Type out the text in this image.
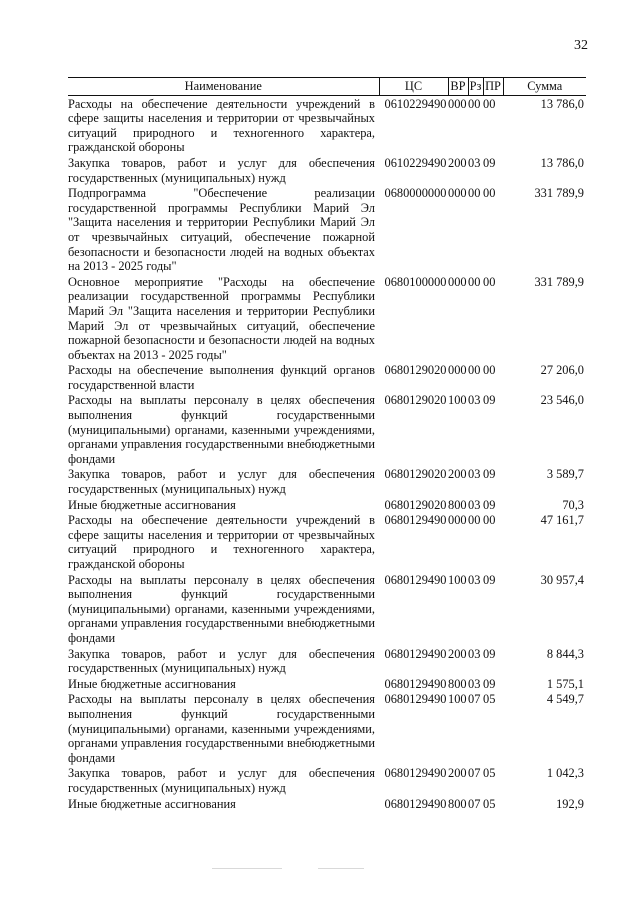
32
Наименование	ЦС	ВР	Рз	ПР	Сумма
Расходы на обеспечение деятельности учреждений в сфере защиты населения и территории от чрезвычайных ситуаций природного и техногенного характера, гражданской обороны	0610229490	000	00	00	13 786,0
Закупка товаров, работ и услуг для обеспечения государственных (муниципальных) нужд	0610229490	200	03	09	13 786,0
Подпрограмма "Обеспечение реализации государственной программы Республики Марий Эл "Защита населения и территории Республики Марий Эл от чрезвычайных ситуаций, обеспечение пожарной безопасности и безопасности людей на водных объектах на 2013 - 2025 годы"	0680000000	000	00	00	331 789,9
Основное мероприятие "Расходы на обеспечение реализации государственной программы Республики Марий Эл "Защита населения и территории Республики Марий Эл от чрезвычайных ситуаций, обеспечение пожарной безопасности и безопасности людей на водных объектах на 2013 - 2025 годы"	0680100000	000	00	00	331 789,9
Расходы на обеспечение выполнения функций органов государственной власти	0680129020	000	00	00	27 206,0
Расходы на выплаты персоналу в целях обеспечения выполнения функций государственными (муниципальными) органами, казенными учреждениями, органами управления государственными внебюджетными фондами	0680129020	100	03	09	23 546,0
Закупка товаров, работ и услуг для обеспечения государственных (муниципальных) нужд	0680129020	200	03	09	3 589,7
Иные бюджетные ассигнования	0680129020	800	03	09	70,3
Расходы на обеспечение деятельности учреждений в сфере защиты населения и территории от чрезвычайных ситуаций природного и техногенного характера, гражданской обороны	0680129490	000	00	00	47 161,7
Расходы на выплаты персоналу в целях обеспечения выполнения функций государственными (муниципальными) органами, казенными учреждениями, органами управления государственными внебюджетными фондами	0680129490	100	03	09	30 957,4
Закупка товаров, работ и услуг для обеспечения государственных (муниципальных) нужд	0680129490	200	03	09	8 844,3
Иные бюджетные ассигнования	0680129490	800	03	09	1 575,1
Расходы на выплаты персоналу в целях обеспечения выполнения функций государственными (муниципальными) органами, казенными учреждениями, органами управления государственными внебюджетными фондами	0680129490	100	07	05	4 549,7
Закупка товаров, работ и услуг для обеспечения государственных (муниципальных) нужд	0680129490	200	07	05	1 042,3
Иные бюджетные ассигнования	0680129490	800	07	05	192,9
